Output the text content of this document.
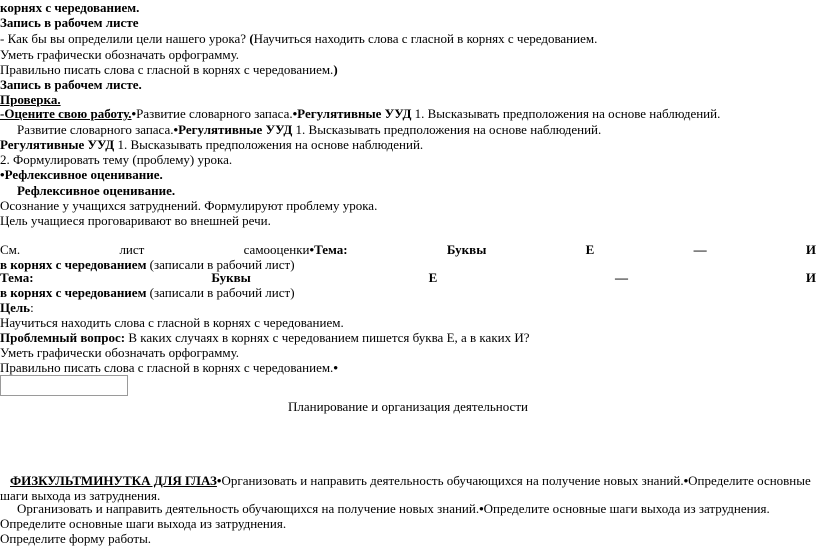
корнях с чередованием.
Запись в рабочем листе
- Как бы вы определили цели нашего урока? (Научиться находить слова с гласной в корнях с чередованием.
Уметь графически обозначать орфограмму.
Правильно писать слова с гласной в корнях с чередованием.)
Запись в рабочем листе.
Проверка.
-Оцените свою работу.•Развитие словарного запаса.•Регулятивные УУД 1. Высказывать предположения на основе наблюдений.
Развитие словарного запаса.•Регулятивные УУД 1. Высказывать предположения на основе наблюдений.
Регулятивные УУД 1. Высказывать предположения на основе наблюдений.
2. Формулировать тему (проблему) урока.
•Рефлексивное оценивание.
Рефлексивное оценивание.
Осознание у учащихся затруднений. Формулируют проблему урока.
Цель учащиеся проговаривают во внешней речи.
См.	лист	самооценки•Тема:	Буквы	Е	—	И
в корнях с чередованием (записали в рабочий лист)
Тема:	Буквы	Е	—	И
в корнях с чередованием (записали в рабочий лист)
Цель:
Научиться находить слова с гласной в корнях с чередованием.
Проблемный вопрос: В каких случаях в корнях с чередованием пишется буква Е, а в каких И?
Уметь графически обозначать орфограмму.
Правильно писать слова с гласной в корнях с чередованием.•
Планирование и организация деятельности
ФИЗКУЛЬТМИНУТКА ДЛЯ ГЛАЗ•Организовать и направить деятельность обучающихся на получение новых знаний.•Определите основные
шаги выхода из затруднения.
Организовать и направить деятельность обучающихся на получение новых знаний.•Определите основные шаги выхода из затруднения.
Определите основные шаги выхода из затруднения.
Определите форму работы.
